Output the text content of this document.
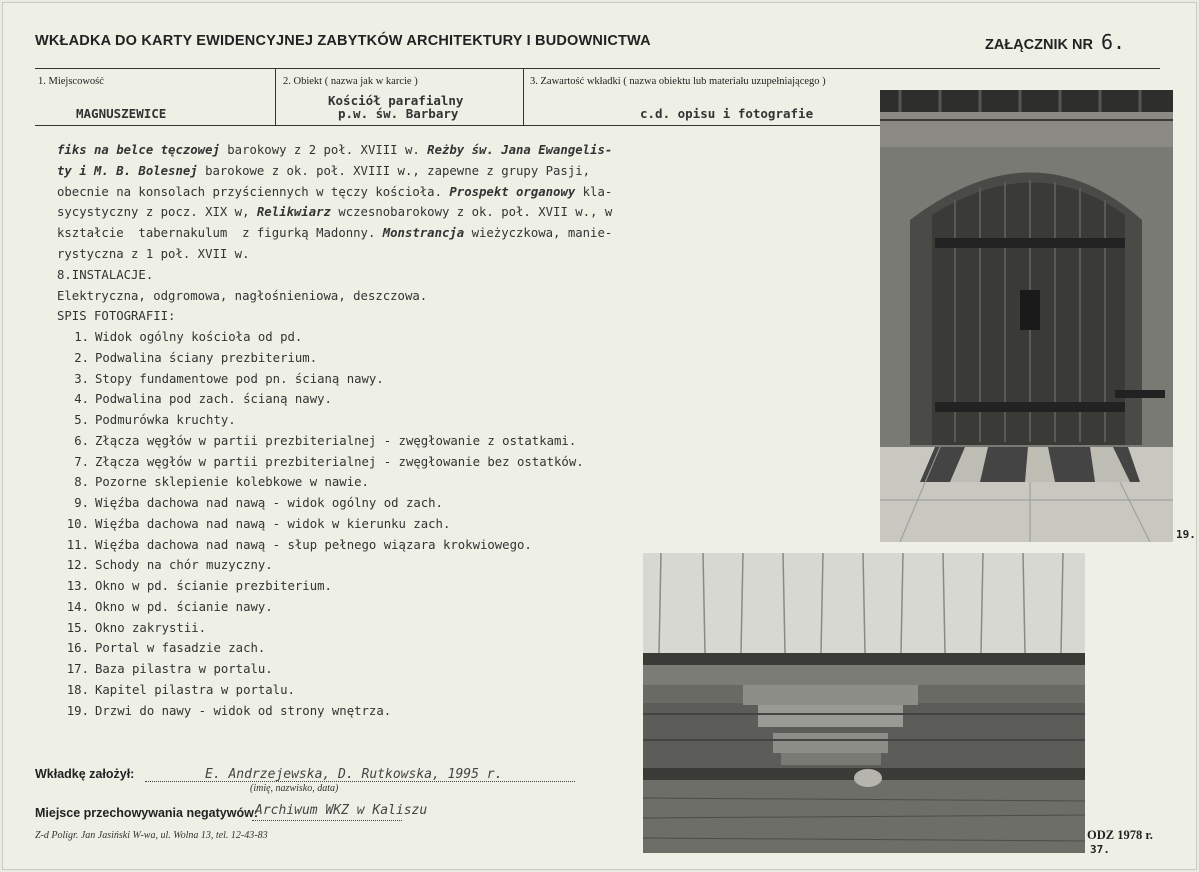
WKŁADKA DO KARTY EWIDENCYJNEJ ZABYTKÓW ARCHITEKTURY I BUDOWNICTWA	ZAŁĄCZNIK NR 6.
1. Miejscowość
MAGNUSZEWICE
2. Obiekt ( nazwa jak w karcie )
Kościół parafialny
p.w. św. Barbary
3. Zawartość wkładki ( nazwa obiektu lub materiału uzupełniającego )
c.d. opisu i fotografie
fiks na belce tęczowej barokowy z 2 poł. XVIII w. Reżby św. Jana Ewangelis-
ty i M. B. Bolesnej barokowe z ok. poł. XVIII w., zapewne z grupy Pasji,
obecnie na konsolach przyściennych w tęczy kościoła. Prospekt organowy kla-
sycystyczny z pocz. XIX w, Relikwiarz wczesnobarokowy z ok. poł. XVII w., w
kształcie  tabernakulum  z figurką Madonny. Monstrancja wieżyczkowa, manie-
rystyczna z 1 poł. XVII w.
8.INSTALACJE.
Elektryczna, odgromowa, nagłośnieniowa, deszczowa.
SPIS FOTOGRAFII:
1. Widok ogólny kościoła od pd.
2. Podwalina ściany prezbiterium.
3. Stopy fundamentowe pod pn. ścianą nawy.
4. Podwalina pod zach. ścianą nawy.
5. Podmurówka kruchty.
6. Złącza węgłów w partii prezbiterialnej - zwęgłowanie z ostatkami.
7. Złącza węgłów w partii prezbiterialnej - zwęgłowanie bez ostatków.
8. Pozorne sklepienie kolebkowe w nawie.
9. Więźba dachowa nad nawą - widok ogólny od zach.
10. Więźba dachowa nad nawą - widok w kierunku zach.
11. Więźba dachowa nad nawą - słup pełnego wiązara krokwiowego.
12. Schody na chór muzyczny.
13. Okno w pd. ścianie prezbiterium.
14. Okno w pd. ścianie nawy.
15. Okno zakrystii.
16. Portal w fasadzie zach.
17. Baza pilastra w portalu.
18. Kapitel pilastra w portalu.
19. Drzwi do nawy - widok od strony wnętrza.
19.
37.
Wkładkę założył:	E. Andrzejewska, D. Rutkowska, 1995 r.
(imię, nazwisko, data)
Miejsce przechowywania negatywów:
Archiwum WKZ w Kaliszu
Z-d Poligr. Jan Jasiński W-wa, ul. Wolna 13, tel. 12-43-83	ODZ 1978 r.
